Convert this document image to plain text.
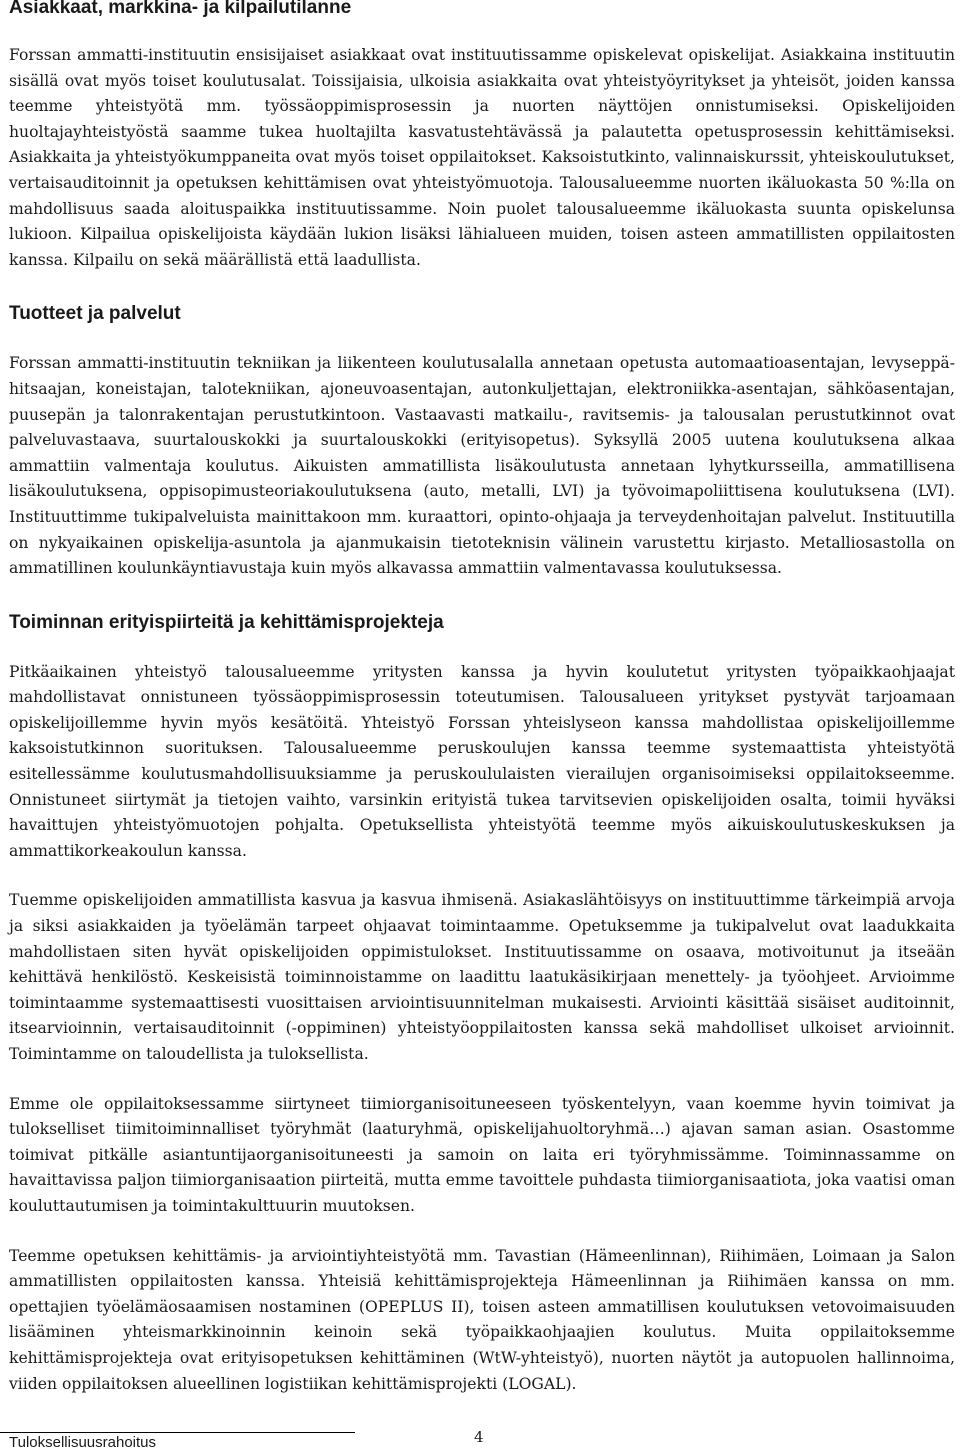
Asiakkaat, markkina- ja kilpailutilanne

Forssan ammatti-instituutin ensisijaiset asiakkaat ovat instituutissamme opiskelevat opiskelijat. Asiakkaina instituutin sisällä ovat myös toiset koulutusalat. Toissijaisia, ulkoisia asiakkaita ovat yhteistyöyritykset ja yhteisöt, joiden kanssa teemme yhteistyötä mm. työssäoppimisprosessin ja nuorten näyttöjen onnistumiseksi. Opiskelijoiden huoltajayhteistyöstä saamme tukea huoltajilta kasvatustehtävässä ja palautetta opetusprosessin kehittämiseksi. Asiakkaita ja yhteistyökumppaneita ovat myös toiset oppilaitokset. Kaksoistutkinto, valinnaiskurssit, yhteiskoulutukset, vertaisauditoinnit ja opetuksen kehittämisen ovat yhteistyömuotoja. Talousalueemme nuorten ikäluokasta 50 %:lla on mahdollisuus saada aloituspaikka instituutissamme. Noin puolet talousalueemme ikäluokasta suunta opiskelunsa lukioon. Kilpailua opiskelijoista käydään lukion lisäksi lähialueen muiden, toisen asteen ammatillisten oppilaitosten kanssa. Kilpailu on sekä määrällistä että laadullista.

Tuotteet ja palvelut

Forssan ammatti-instituutin tekniikan ja liikenteen koulutusalalla annetaan opetusta automaatioasentajan, levyseppä-hitsaajan, koneistajan, talotekniikan, ajoneuvoasentajan, autonkuljettajan, elektroniikka-asentajan, sähköasentajan, puusepän ja talonrakentajan perustutkintoon. Vastaavasti matkailu-, ravitsemis- ja talousalan perustutkinnot ovat palveluvastaava, suurtalouskokki ja suurtalouskokki (erityisopetus). Syksyllä 2005 uutena koulutuksena alkaa ammattiin valmentaja koulutus. Aikuisten ammatillista lisäkoulutusta annetaan lyhytkursseilla, ammatillisena lisäkoulutuksena, oppisopimusteoriakoulutuksena (auto, metalli, LVI) ja työvoimapoliittisena koulutuksena (LVI). Instituuttimme tukipalveluista mainittakoon mm. kuraattori, opinto-ohjaaja ja terveydenhoitajan palvelut. Instituutilla on nykyaikainen opiskelija-asuntola ja ajanmukaisin tietoteknisin välinein varustettu kirjasto. Metalliosastolla on ammatillinen koulunkäyntiavustaja kuin myös alkavassa ammattiin valmentavassa koulutuksessa.

Toiminnan erityispiirteitä ja kehittämisprojekteja

Pitkäaikainen yhteistyö talousalueemme yritysten kanssa ja hyvin koulutetut yritysten työpaikkaohjaajat mahdollistavat onnistuneen työssäoppimisprosessin toteutumisen. Talousalueen yritykset pystyvät tarjoamaan opiskelijoillemme hyvin myös kesätöitä. Yhteistyö Forssan yhteislyseon kanssa mahdollistaa opiskelijoillemme kaksoistutkinnon suorituksen. Talousalueemme peruskoulujen kanssa teemme systemaattista yhteistyötä esitellessämme koulutusmahdollisuuksiamme ja peruskoululaisten vierailujen organisoimiseksi oppilaitokseemme. Onnistuneet siirtymät ja tietojen vaihto, varsinkin erityistä tukea tarvitsevien opiskelijoiden osalta, toimii hyväksi havaittujen yhteistyömuotojen pohjalta. Opetuksellista yhteistyötä teemme myös aikuiskoulutuskeskuksen ja ammattikorkeakoulun kanssa.

Tuemme opiskelijoiden ammatillista kasvua ja kasvua ihmisenä. Asiakaslähtöisyys on instituuttimme tärkeimpiä arvoja ja siksi asiakkaiden ja työelämän tarpeet ohjaavat toimintaamme. Opetuksemme ja tukipalvelut ovat laadukkaita mahdollistaen siten hyvät opiskelijoiden oppimistulokset. Instituutissamme on osaava, motivoitunut ja itseään kehittävä henkilöstö. Keskeisistä toiminnoistamme on laadittu laatukäsikirjaan menettely- ja työohjeet. Arvioimme toimintaamme systemaattisesti vuosittaisen arviointisuunnitelman mukaisesti. Arviointi käsittää sisäiset auditoinnit, itsearvioinnin, vertaisauditoinnit (-oppiminen) yhteistyöoppilaitosten kanssa sekä mahdolliset ulkoiset arvioinnit. Toimintamme on taloudellista ja tuloksellista.

Emme ole oppilaitoksessamme siirtyneet tiimiorganisoituneeseen työskentelyyn, vaan koemme hyvin toimivat ja tulokselliset tiimitoiminnalliset työryhmät (laaturyhmä, opiskelijahuoltoryhmä…) ajavan saman asian. Osastomme toimivat pitkälle asiantuntijaorganisoituneesti ja samoin on laita eri työryhmissämme. Toiminnassamme on havaittavissa paljon tiimiorganisaation piirteitä, mutta emme tavoittele puhdasta tiimiorganisaatiota, joka vaatisi oman kouluttautumisen ja toimintakulttuurin muutoksen.

Teemme opetuksen kehittämis- ja arviointiyhteistyötä mm. Tavastian (Hämeenlinnan), Riihimäen, Loimaan ja Salon ammatillisten oppilaitosten kanssa. Yhteisiä kehittämisprojekteja Hämeenlinnan ja Riihimäen kanssa on mm. opettajien työelämäosaamisen nostaminen (OPEPLUS II), toisen asteen ammatillisen koulutuksen vetovoimaisuuden lisääminen yhteismarkkinoinnin keinoin sekä työpaikkaohjaajien koulutus. Muita oppilaitoksemme kehittämisprojekteja ovat erityisopetuksen kehittäminen (WtW-yhteistyö), nuorten näytöt ja autopuolen hallinnoima, viiden oppilaitoksen alueellinen logistiikan kehittämisprojekti (LOGAL).

Tuloksellisuusrahoitus	4
